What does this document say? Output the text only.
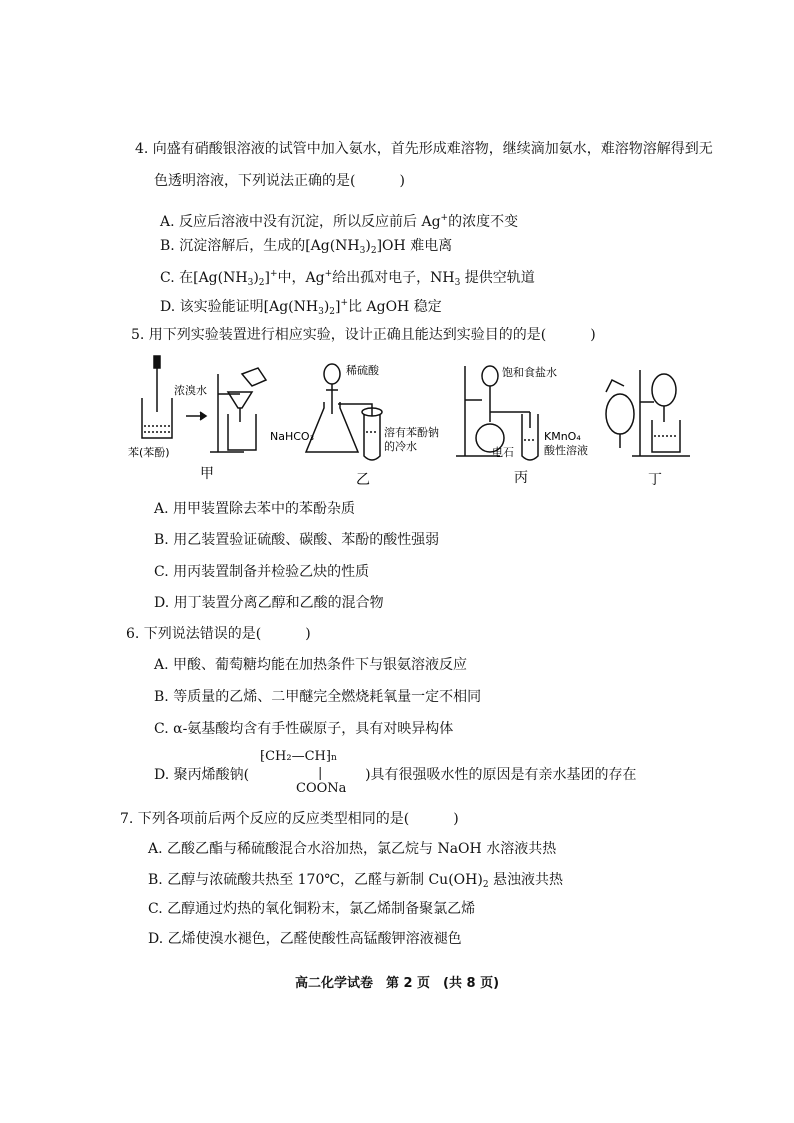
4. 向盛有硝酸银溶液的试管中加入氨水，首先形成难溶物，继续滴加氨水，难溶物溶解得到无
色透明溶液，下列说法正确的是(	)
A. 反应后溶液中没有沉淀，所以反应前后 Ag+的浓度不变
B. 沉淀溶解后，生成的$[Ag(NH_3)_2]OH$ 难电离
C. 在$[Ag(NH_3)_2]^+$中，Ag+给出孤对电子，$NH_3$ 提供空轨道
D. 该实验能证明$[Ag(NH_3)_2]^+$比 AgOH 稳定
5. 用下列实验装置进行相应实验，设计正确且能达到实验目的的是(	)
浓溴水
苯(苯酚)
稀硫酸
NaHCO₃	溶有苯酚钠
的冷水
饱和食盐水
电石
KMnO₄
酸性溶液
甲	乙	丙	丁
A. 用甲装置除去苯中的苯酚杂质
B. 用乙装置验证硫酸、碳酸、苯酚的酸性强弱
C. 用丙装置制备并检验乙炔的性质
D. 用丁装置分离乙醇和乙酸的混合物
6. 下列说法错误的是(	)
A. 甲酸、葡萄糖均能在加热条件下与银氨溶液反应
B. 等质量的乙烯、二甲醚完全燃烧耗氧量一定不相同
C. α-氨基酸均含有手性碳原子，具有对映异构体
D. 聚丙烯酸钠(	)具有很强吸水性的原因是有亲水基团的存在
⁅CH₂—CH⁆n
|
COONa
7. 下列各项前后两个反应的反应类型相同的是(	)
A. 乙酸乙酯与稀硫酸混合水浴加热，氯乙烷与 NaOH 水溶液共热
B. 乙醇与浓硫酸共热至 170℃，乙醛与新制 $Cu(OH)_2$ 悬浊液共热
C. 乙醇通过灼热的氧化铜粉末，氯乙烯制备聚氯乙烯
D. 乙烯使溴水褪色，乙醛使酸性高锰酸钾溶液褪色
高二化学试卷　第 2 页　(共 8 页)
